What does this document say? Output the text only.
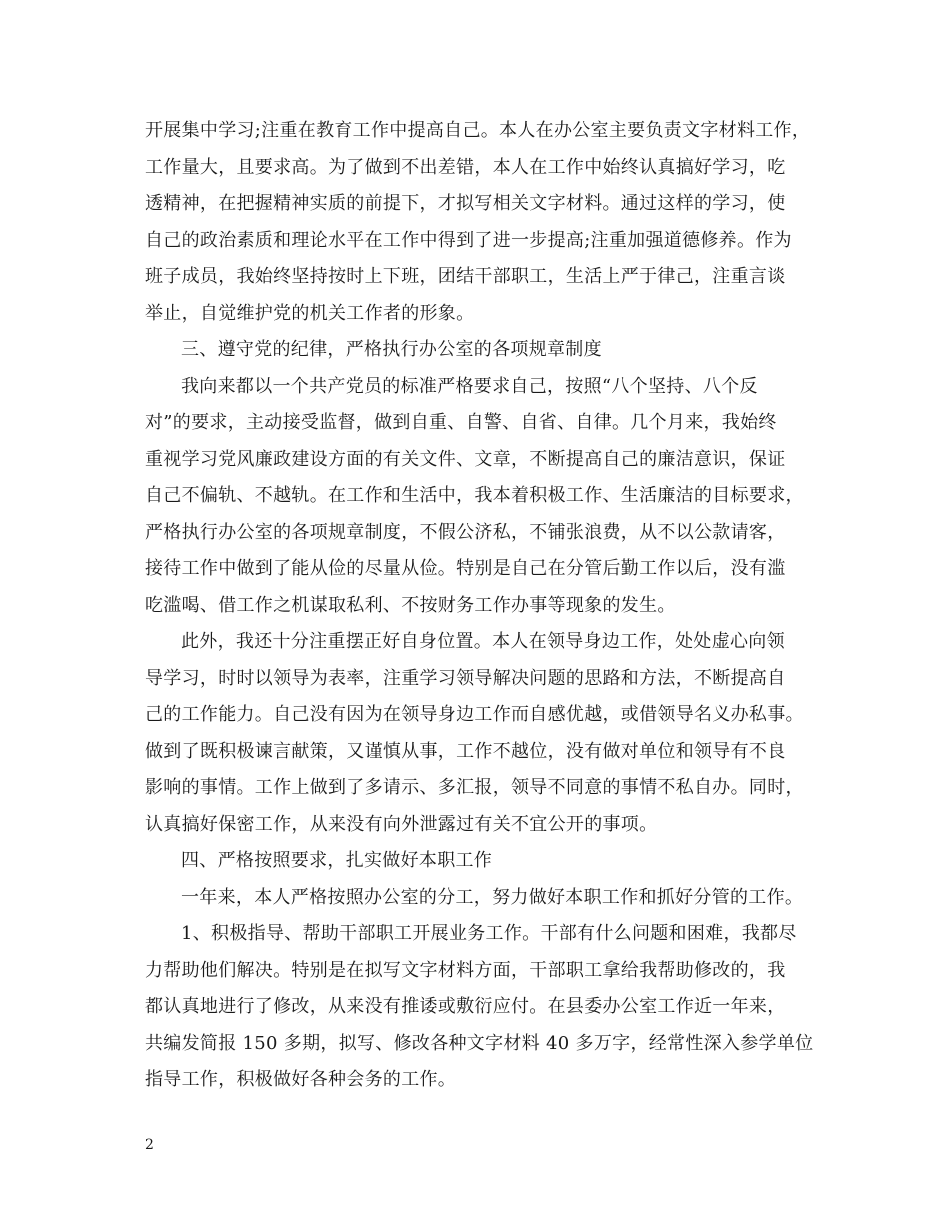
开展集中学习;注重在教育工作中提高自己。本人在办公室主要负责文字材料工作，
工作量大，且要求高。为了做到不出差错，本人在工作中始终认真搞好学习，吃
透精神，在把握精神实质的前提下，才拟写相关文字材料。通过这样的学习，使
自己的政治素质和理论水平在工作中得到了进一步提高;注重加强道德修养。作为
班子成员，我始终坚持按时上下班，团结干部职工，生活上严于律己，注重言谈
举止，自觉维护党的机关工作者的形象。
三、遵守党的纪律，严格执行办公室的各项规章制度
我向来都以一个共产党员的标准严格要求自己，按照“八个坚持、八个反
对”的要求，主动接受监督，做到自重、自警、自省、自律。几个月来，我始终
重视学习党风廉政建设方面的有关文件、文章，不断提高自己的廉洁意识，保证
自己不偏轨、不越轨。在工作和生活中，我本着积极工作、生活廉洁的目标要求，
严格执行办公室的各项规章制度，不假公济私，不铺张浪费，从不以公款请客，
接待工作中做到了能从俭的尽量从俭。特别是自己在分管后勤工作以后，没有滥
吃滥喝、借工作之机谋取私利、不按财务工作办事等现象的发生。
此外，我还十分注重摆正好自身位置。本人在领导身边工作，处处虚心向领
导学习，时时以领导为表率，注重学习领导解决问题的思路和方法，不断提高自
己的工作能力。自己没有因为在领导身边工作而自感优越，或借领导名义办私事。
做到了既积极谏言献策，又谨慎从事，工作不越位，没有做对单位和领导有不良
影响的事情。工作上做到了多请示、多汇报，领导不同意的事情不私自办。同时，
认真搞好保密工作，从来没有向外泄露过有关不宜公开的事项。
四、严格按照要求，扎实做好本职工作
一年来，本人严格按照办公室的分工，努力做好本职工作和抓好分管的工作。
1、积极指导、帮助干部职工开展业务工作。干部有什么问题和困难，我都尽
力帮助他们解决。特别是在拟写文字材料方面，干部职工拿给我帮助修改的，我
都认真地进行了修改，从来没有推诿或敷衍应付。在县委办公室工作近一年来，
共编发简报 150 多期，拟写、修改各种文字材料 40 多万字，经常性深入参学单位
指导工作，积极做好各种会务的工作。
2
